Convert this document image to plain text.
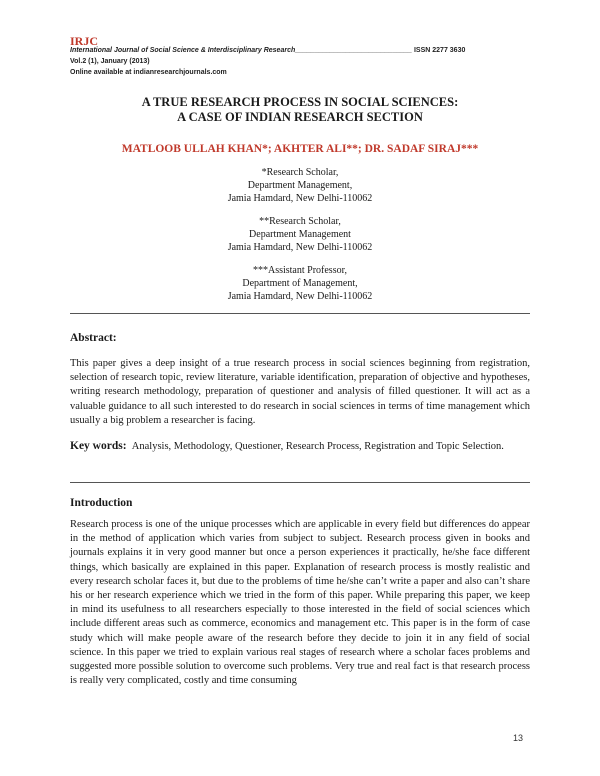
IRJC
International Journal of Social Science & Interdisciplinary Research______________________________ ISSN 2277 3630
Vol.2 (1), January (2013)
Online available at indianresearchjournals.com
A TRUE RESEARCH PROCESS IN SOCIAL SCIENCES:
A CASE OF INDIAN RESEARCH SECTION
MATLOOB ULLAH KHAN*; AKHTER ALI**; DR. SADAF SIRAJ***
*Research Scholar,
Department Management,
Jamia Hamdard, New Delhi-110062
**Research Scholar,
Department Management
Jamia Hamdard, New Delhi-110062
***Assistant Professor,
Department of Management,
Jamia Hamdard, New Delhi-110062
Abstract:
This paper gives a deep insight of a true research process in social sciences beginning from registration, selection of research topic, review literature, variable identification, preparation of objective and hypotheses, writing research methodology, preparation of questioner and analysis of filled questioner. It will act as a valuable guidance to all such interested to do research in social sciences in terms of time management which usually a big problem a researcher is facing.
Key words: Analysis, Methodology, Questioner, Research Process, Registration and Topic Selection.
Introduction
Research process is one of the unique processes which are applicable in every field but differences do appear in the method of application which varies from subject to subject. Research process given in books and journals explains it in very good manner but once a person experiences it practically, he/she face different things, which basically are explained in this paper. Explanation of research process is mostly realistic and every research scholar faces it, but due to the problems of time he/she can’t write a paper and also can’t share his or her research experience which we tried in the form of this paper. While preparing this paper, we keep in mind its usefulness to all researchers especially to those interested in the field of social sciences which include different areas such as commerce, economics and management etc. This paper is in the form of case study which will make people aware of the research before they decide to join it in any field of social science. In this paper we tried to explain various real stages of research where a scholar faces problems and suggested more possible solution to overcome such problems. Very true and real fact is that research process is really very complicated, costly and time consuming
13
